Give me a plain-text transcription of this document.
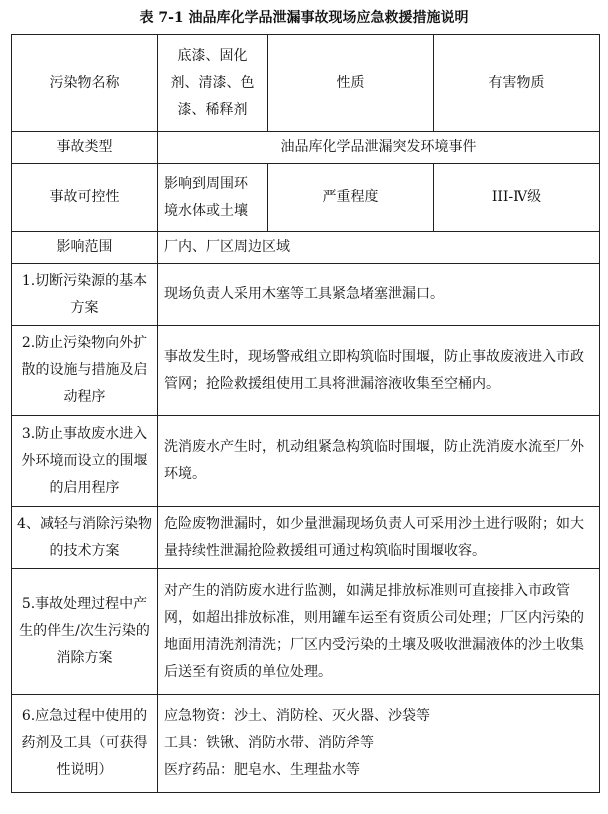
表 7-1 油品库化学品泄漏事故现场应急救援措施说明
污染物名称	底漆、固化剂、清漆、色漆、稀释剂	性质	有害物质
事故类型	油品库化学品泄漏突发环境事件		
事故可控性	影响到周围环境水体或土壤	严重程度	III-Ⅳ级
影响范围	厂内、厂区周边区域		
1.切断污染源的基本方案	现场负责人采用木塞等工具紧急堵塞泄漏口。		
2.防止污染物向外扩散的设施与措施及启动程序	事故发生时，现场警戒组立即构筑临时围堰，防止事故废液进入市政管网；抢险救援组使用工具将泄漏溶液收集至空桶内。		
3.防止事故废水进入外环境而设立的围堰的启用程序	洗消废水产生时，机动组紧急构筑临时围堰，防止洗消废水流至厂外环境。		
4、减轻与消除污染物的技术方案	危险废物泄漏时，如少量泄漏现场负责人可采用沙土进行吸附；如大量持续性泄漏抢险救援组可通过构筑临时围堰收容。		
5.事故处理过程中产生的伴生/次生污染的消除方案	对产生的消防废水进行监测，如满足排放标准则可直接排入市政管网，如超出排放标准，则用罐车运至有资质公司处理；厂区内污染的地面用清洗剂清洗；厂区内受污染的土壤及吸收泄漏液体的沙土收集后送至有资质的单位处理。		
6.应急过程中使用的药剂及工具（可获得性说明）	应急物资：沙土、消防栓、灭火器、沙袋等
工具：铁锹、消防水带、消防斧等
医疗药品：肥皂水、生理盐水等		
